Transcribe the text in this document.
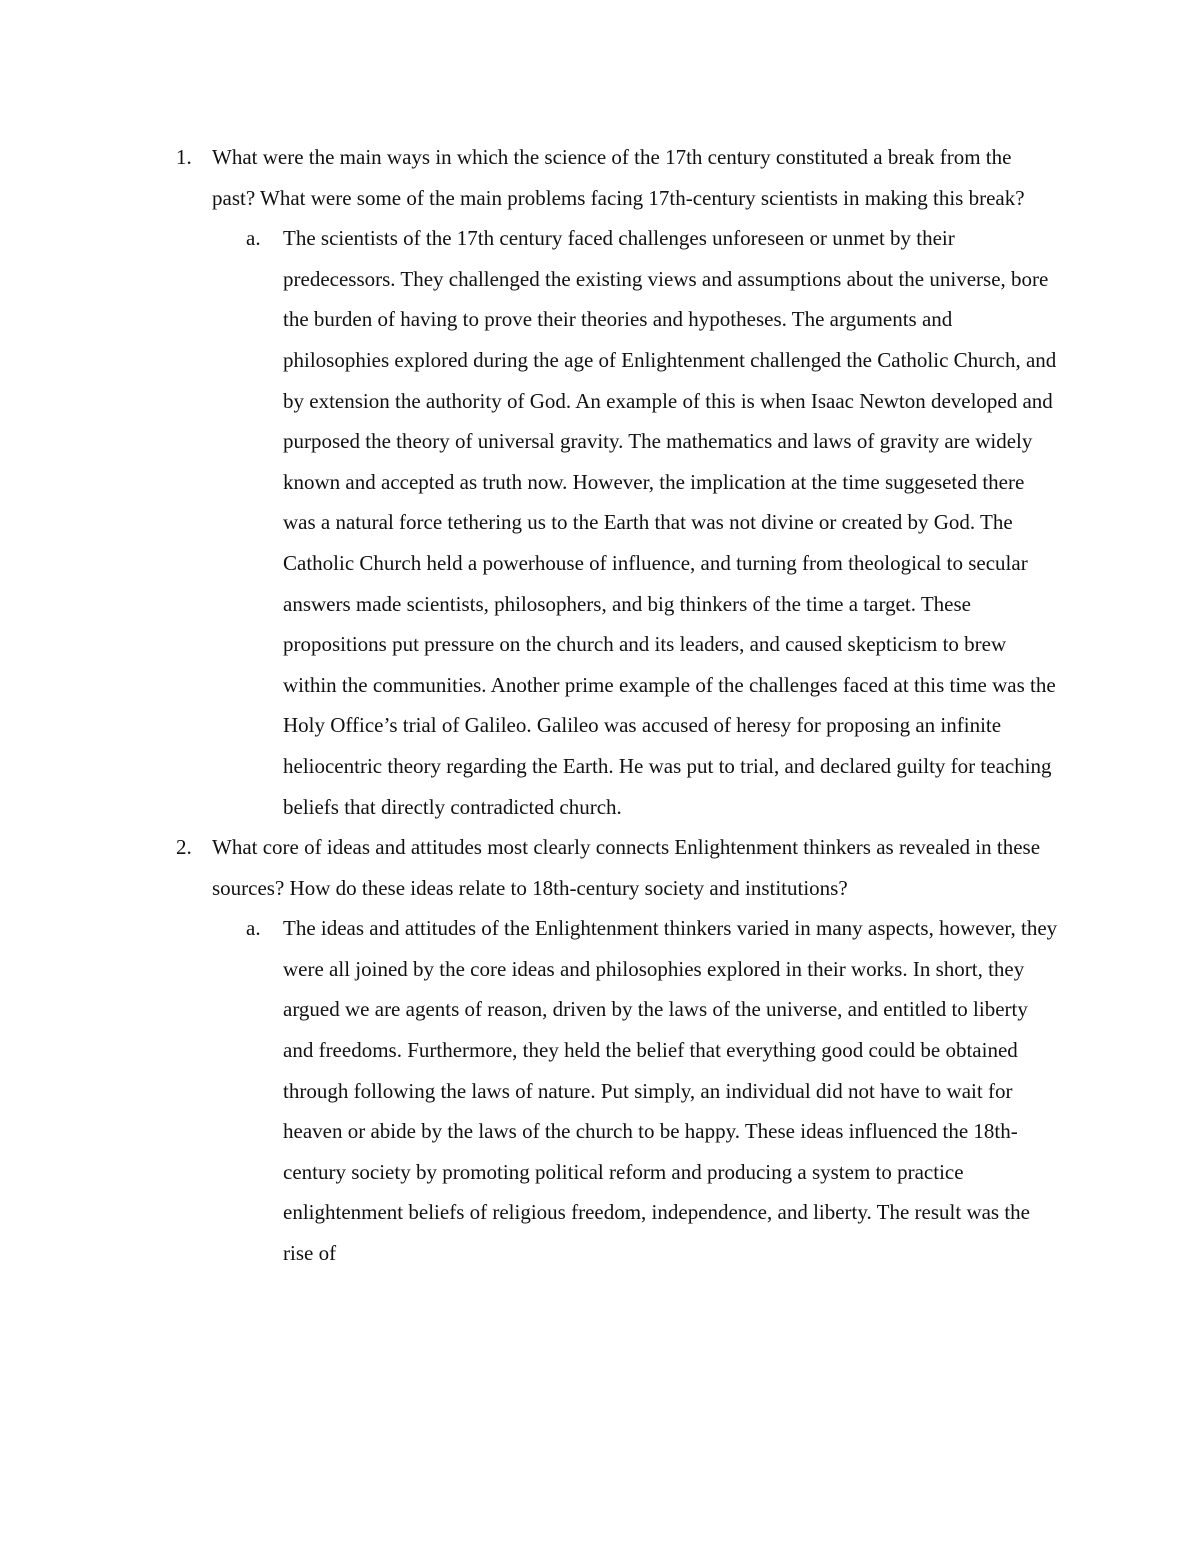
1. What were the main ways in which the science of the 17th century constituted a break from the past? What were some of the main problems facing 17th-century scientists in making this break?
a. The scientists of the 17th century faced challenges unforeseen or unmet by their predecessors. They challenged the existing views and assumptions about the universe, bore the burden of having to prove their theories and hypotheses. The arguments and philosophies explored during the age of Enlightenment challenged the Catholic Church, and by extension the authority of God. An example of this is when Isaac Newton developed and purposed the theory of universal gravity. The mathematics and laws of gravity are widely known and accepted as truth now. However, the implication at the time suggeseted there was a natural force tethering us to the Earth that was not divine or created by God. The Catholic Church held a powerhouse of influence, and turning from theological to secular answers made scientists, philosophers, and big thinkers of the time a target. These propositions put pressure on the church and its leaders, and caused skepticism to brew within the communities. Another prime example of the challenges faced at this time was the Holy Office’s trial of Galileo. Galileo was accused of heresy for proposing an infinite heliocentric theory regarding the Earth. He was put to trial, and declared guilty for teaching beliefs that directly contradicted church.
2. What core of ideas and attitudes most clearly connects Enlightenment thinkers as revealed in these sources? How do these ideas relate to 18th-century society and institutions?
a. The ideas and attitudes of the Enlightenment thinkers varied in many aspects, however, they were all joined by the core ideas and philosophies explored in their works. In short, they argued we are agents of reason, driven by the laws of the universe, and entitled to liberty and freedoms. Furthermore, they held the belief that everything good could be obtained through following the laws of nature. Put simply, an individual did not have to wait for heaven or abide by the laws of the church to be happy. These ideas influenced the 18th-century society by promoting political reform and producing a system to practice enlightenment beliefs of religious freedom, independence, and liberty. The result was the rise of
